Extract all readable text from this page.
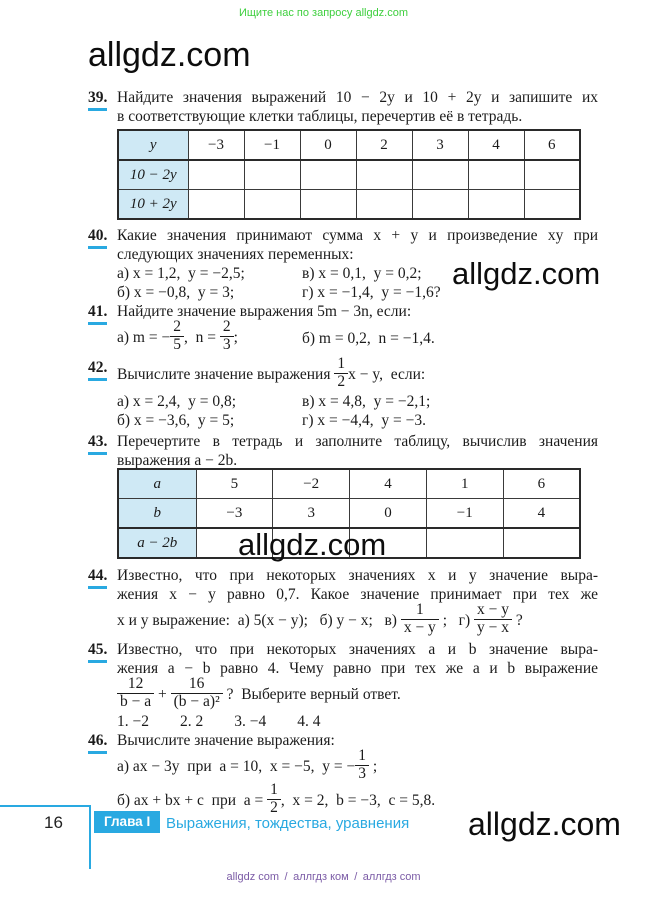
Ищите нас по запросу allgdz.com
allgdz.com
39. Найдите значения выражений 10 − 2y и 10 + 2y и запишите их
в соответствующие клетки таблицы, перечертив её в тетрадь.
y	−3	−1	0	2	3	4	6
10 − 2y							
10 + 2y							
40. Какие значения принимают сумма x + y и произведение xy при
следующих значениях переменных:
а) x = 1,2,  y = −2,5;	в) x = 0,1,  y = 0,2;
б) x = −0,8,  y = 3;	г) x = −1,4,  y = −1,6?
allgdz.com
41. Найдите значение выражения 5m − 3n, если:
а) m = − $\frac{2}{5}$ ,  $n = \frac{2}{3}$ ;	б) m = 0,2,  n = −1,4.
42. Вычислите значение выражения $\frac{1}{2}$ x − y,  если:
а) x = 2,4,  y = 0,8;	в) x = 4,8,  y = −2,1;
б) x = −3,6,  y = 5;	г) x = −4,4,  y = −3.
43. Перечертите в тетрадь и заполните таблицу, вычислив значения
выражения a − 2b.
a	5	−2	4	1	6
b	−3	3	0	−1	4
a − 2b					allgdz.com
44. Известно, что при некоторых значениях x и y значение выра-
жения x − y равно 0,7. Какое значение принимает при тех же
x и y выражение:  а) 5(x − y);   б) y − x;   $в) \frac{1}{x - y}$ ;   $г) \frac{x - y}{y - x}$ ?
45. Известно, что при некоторых значениях a и b значение выра-
жения a − b равно 4. Чему равно при тех же a и b выражение
$\frac{12}{b - a} + \frac{16}{\text{(b − a)²}}$ ?  Выберите верный ответ.
1. −2  2. 2  3. −4  4. 4
46. Вычислите значение выражения:
а) ax − 3y  при  a = 10,  x = −5,  y = − $\frac{1}{3}$ ;
б) ax + bx + c  при  $a = \frac{1}{2}$ ,  x = 2,  b = −3,  c = 5,8.
16	Глава I	Выражения, тождества, уравнения allgdz.com
allgdz com / аллгдз ком / аллгдз com
